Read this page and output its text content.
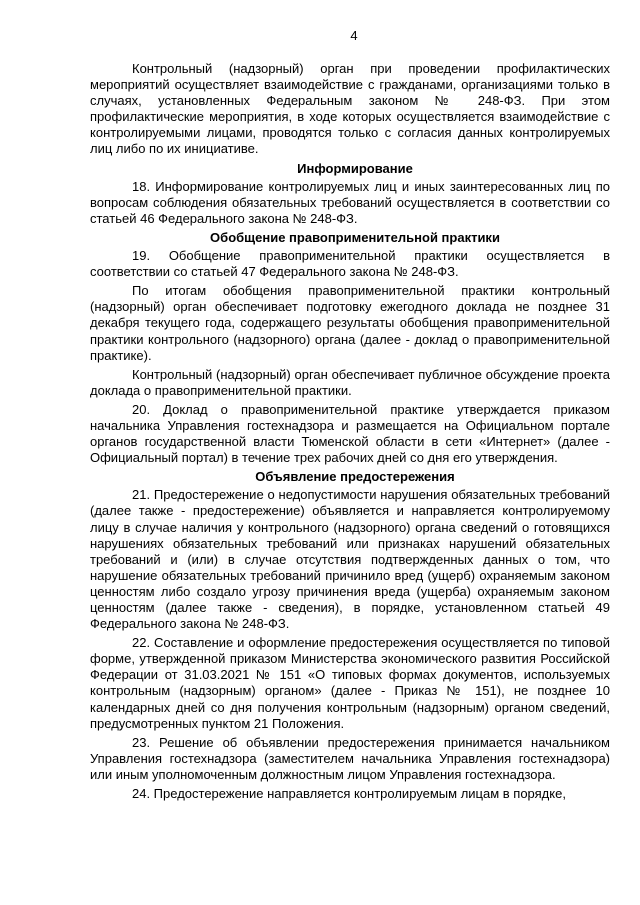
4

Контрольный (надзорный) орган при проведении профилактических мероприятий осуществляет взаимодействие с гражданами, организациями только в случаях, установленных Федеральным законом № 248-ФЗ. При этом профилактические мероприятия, в ходе которых осуществляется взаимодействие с контролируемыми лицами, проводятся только с согласия данных контролируемых лиц либо по их инициативе.

Информирование

18. Информирование контролируемых лиц и иных заинтересованных лиц по вопросам соблюдения обязательных требований осуществляется в соответствии со статьей 46 Федерального закона № 248-ФЗ.

Обобщение правоприменительной практики

19. Обобщение правоприменительной практики осуществляется в соответствии со статьей 47 Федерального закона № 248-ФЗ.

По итогам обобщения правоприменительной практики контрольный (надзорный) орган обеспечивает подготовку ежегодного доклада не позднее 31 декабря текущего года, содержащего результаты обобщения правоприменительной практики контрольного (надзорного) органа (далее - доклад о правоприменительной практике).

Контрольный (надзорный) орган обеспечивает публичное обсуждение проекта доклада о правоприменительной практики.

20. Доклад о правоприменительной практике утверждается приказом начальника Управления гостехнадзора и размещается на Официальном портале органов государственной власти Тюменской области в сети «Интернет» (далее - Официальный портал) в течение трех рабочих дней со дня его утверждения.

Объявление предостережения

21. Предостережение о недопустимости нарушения обязательных требований (далее также - предостережение) объявляется и направляется контролируемому лицу в случае наличия у контрольного (надзорного) органа сведений о готовящихся нарушениях обязательных требований или признаках нарушений обязательных требований и (или) в случае отсутствия подтвержденных данных о том, что нарушение обязательных требований причинило вред (ущерб) охраняемым законом ценностям либо создало угрозу причинения вреда (ущерба) охраняемым законом ценностям (далее также - сведения), в порядке, установленном статьей 49 Федерального закона № 248-ФЗ.

22. Составление и оформление предостережения осуществляется по типовой форме, утвержденной приказом Министерства экономического развития Российской Федерации от 31.03.2021 № 151 «О типовых формах документов, используемых контрольным (надзорным) органом» (далее - Приказ № 151), не позднее 10 календарных дней со дня получения контрольным (надзорным) органом сведений, предусмотренных пунктом 21 Положения.

23. Решение об объявлении предостережения принимается начальником Управления гостехнадзора (заместителем начальника Управления гостехнадзора) или иным уполномоченным должностным лицом Управления гостехнадзора.

24. Предостережение направляется контролируемым лицам в порядке,
